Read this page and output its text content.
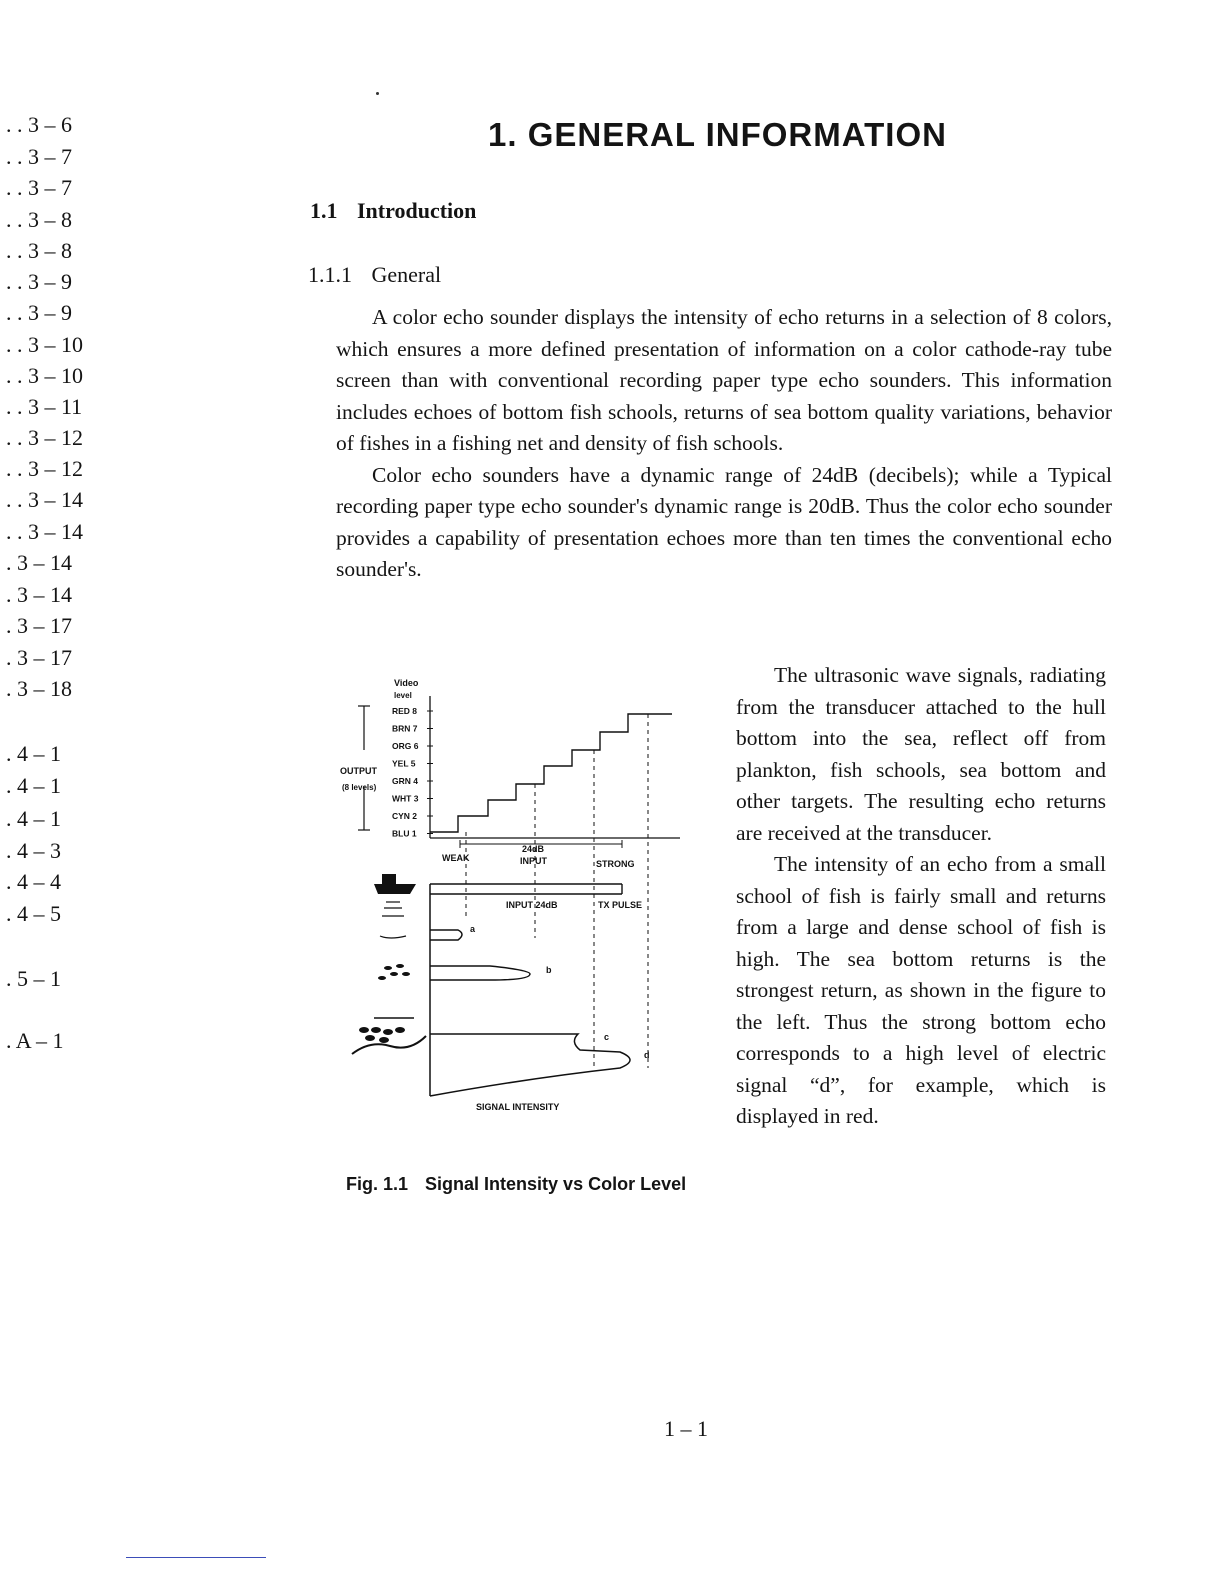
. . 3 – 6
. . 3 – 7
. . 3 – 7
. . 3 – 8
. . 3 – 8
. . 3 – 9
. . 3 – 9
. . 3 – 10
. . 3 – 10
. . 3 – 11
. . 3 – 12
. . 3 – 12
. . 3 – 14
. . 3 – 14
. 3 – 14
. 3 – 14
. 3 – 17
. 3 – 17
. 3 – 18
. 4 – 1
. 4 – 1
. 4 – 1
. 4 – 3
. 4 – 4
. 4 – 5
. 5 – 1
. A – 1
1. GENERAL INFORMATION
1.1 Introduction
1.1.1 General

A color echo sounder displays the intensity of echo returns in a selection of 8 colors, which ensures a more defined presentation of information on a color cathode-ray tube screen than with conventional recording paper type echo sounders. This information includes echoes of bottom fish schools, returns of sea bottom quality variations, behavior of fishes in a fishing net and density of fish schools.

Color echo sounders have a dynamic range of 24dB (decibels); while a Typical recording paper type echo sounder's dynamic range is 20dB. Thus the color echo sounder provides a capability of presentation echoes more than ten times the conventional echo sounder's.

Video
level
RED 8
BRN 7
ORG 6
YEL 5
GRN 4
WHT 3
CYN 2
BLU 1
OUTPUT
(8 levels)
24dB
WEAK	INPUT	STRONG
INPUT 24dB	TX PULSE
a
b
c
d
SIGNAL INTENSITY
Fig. 1.1 Signal Intensity vs Color Level

The ultrasonic wave signals, radiating from the transducer attached to the hull bottom into the sea, reflect off from plankton, fish schools, sea bottom and other targets. The resulting echo returns are received at the transducer.

The intensity of an echo from a small school of fish is fairly small and returns from a large and dense school of fish is high. The sea bottom returns is the strongest return, as shown in the figure to the left. Thus the strong bottom echo corresponds to a high level of electric signal “d”, for example, which is displayed in red.

1 – 1
